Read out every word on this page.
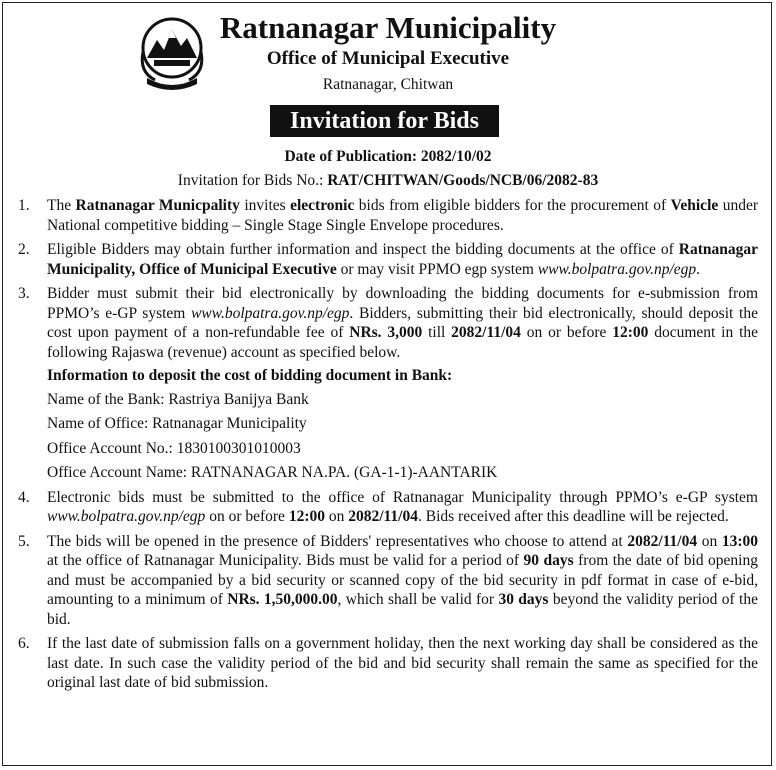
Ratnanagar Municipality
Office of Municipal Executive
Ratnanagar, Chitwan
Invitation for Bids
Date of Publication: 2082/10/02
Invitation for Bids No.: RAT/CHITWAN/Goods/NCB/06/2082-83
1. The Ratnanagar Municpality invites electronic bids from eligible bidders for the procurement of Vehicle under National competitive bidding – Single Stage Single Envelope procedures.
2. Eligible Bidders may obtain further information and inspect the bidding documents at the office of Ratnanagar Municipality, Office of Municipal Executive or may visit PPMO egp system www.bolpatra.gov.np/egp.
3. Bidder must submit their bid electronically by downloading the bidding documents for e-submission from PPMO’s e-GP system www.bolpatra.gov.np/egp. Bidders, submitting their bid electronically, should deposit the cost upon payment of a non-refundable fee of NRs. 3,000 till 2082/11/04 on or before 12:00 document in the following Rajaswa (revenue) account as specified below.
Information to deposit the cost of bidding document in Bank:
Name of the Bank: Rastriya Banijya Bank
Name of Office: Ratnanagar Municipality
Office Account No.: 1830100301010003
Office Account Name: RATNANAGAR NA.PA. (GA-1-1)-AANTARIK
4. Electronic bids must be submitted to the office of Ratnanagar Municipality through PPMO’s e-GP system www.bolpatra.gov.np/egp on or before 12:00 on 2082/11/04. Bids received after this deadline will be rejected.
5. The bids will be opened in the presence of Bidders' representatives who choose to attend at 2082/11/04 on 13:00 at the office of Ratnanagar Municipality. Bids must be valid for a period of 90 days from the date of bid opening and must be accompanied by a bid security or scanned copy of the bid security in pdf format in case of e-bid, amounting to a minimum of NRs. 1,50,000.00, which shall be valid for 30 days beyond the validity period of the bid.
6. If the last date of submission falls on a government holiday, then the next working day shall be considered as the last date. In such case the validity period of the bid and bid security shall remain the same as specified for the original last date of bid submission.
